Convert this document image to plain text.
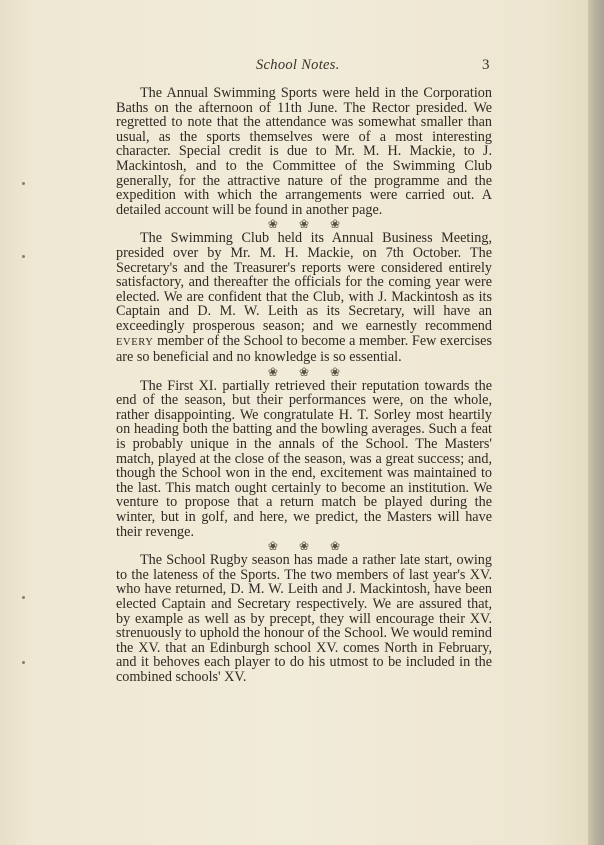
School Notes.	3

The Annual Swimming Sports were held in the Corporation Baths on the afternoon of 11th June. The Rector presided. We regretted to note that the attendance was somewhat smaller than usual, as the sports themselves were of a most interesting character. Special credit is due to Mr. M. H. Mackie, to J. Mackintosh, and to the Committee of the Swimming Club generally, for the attractive nature of the programme and the expedition with which the arrangements were carried out. A detailed account will be found in another page.

❀ ❀ ❀

The Swimming Club held its Annual Business Meeting, presided over by Mr. M. H. Mackie, on 7th October. The Secretary's and the Treasurer's reports were considered entirely satisfactory, and thereafter the officials for the coming year were elected. We are confident that the Club, with J. Mackintosh as its Captain and D. M. W. Leith as its Secretary, will have an exceedingly prosperous season; and we earnestly recommend EVERY member of the School to become a member. Few exercises are so beneficial and no knowledge is so essential.

❀ ❀ ❀

The First XI. partially retrieved their reputation towards the end of the season, but their performances were, on the whole, rather disappointing. We congratulate H. T. Sorley most heartily on heading both the batting and the bowling averages. Such a feat is probably unique in the annals of the School. The Masters' match, played at the close of the season, was a great success; and, though the School won in the end, excitement was maintained to the last. This match ought certainly to become an institution. We venture to propose that a return match be played during the winter, but in golf, and here, we predict, the Masters will have their revenge.

❀ ❀ ❀

The School Rugby season has made a rather late start, owing to the lateness of the Sports. The two members of last year's XV. who have returned, D. M. W. Leith and J. Mackintosh, have been elected Captain and Secretary respectively. We are assured that, by example as well as by precept, they will encourage their XV. strenuously to uphold the honour of the School. We would remind the XV. that an Edinburgh school XV. comes North in February, and it behoves each player to do his utmost to be included in the combined schools' XV.
